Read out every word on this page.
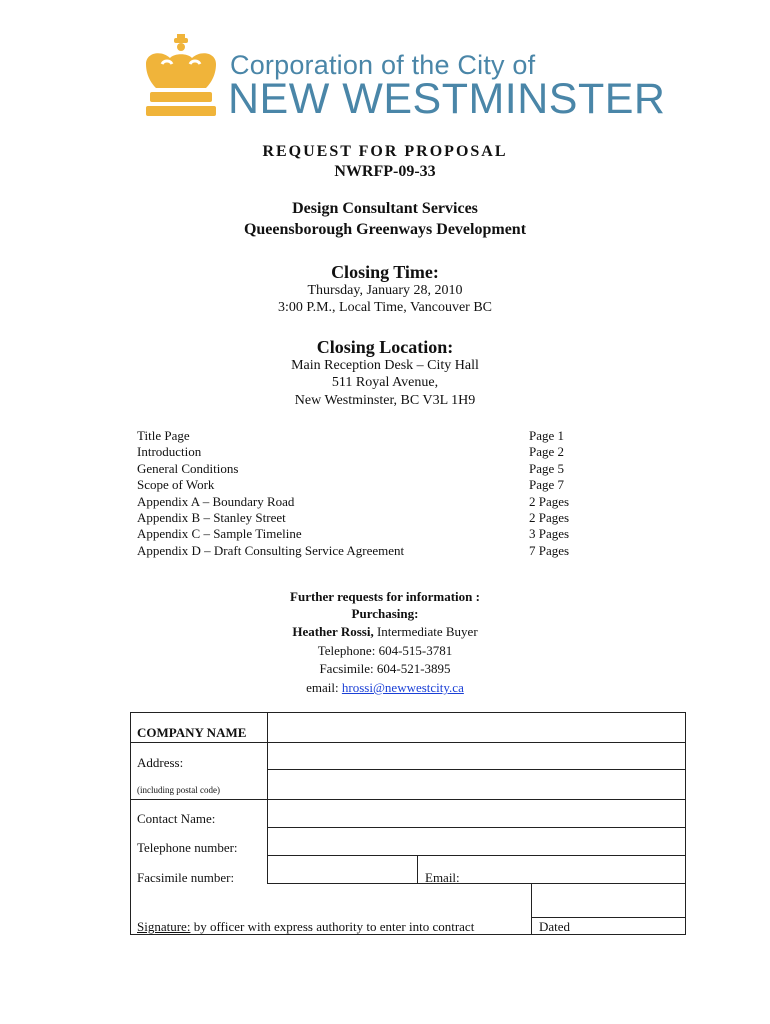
Corporation of the City of
NEW WESTMINSTER
REQUEST FOR PROPOSAL
NWRFP-09-33
Design Consultant Services
Queensborough Greenways Development
Closing Time:
Thursday, January 28, 2010
3:00 P.M., Local Time, Vancouver BC
Closing Location:
Main Reception Desk – City Hall
511 Royal Avenue,
New Westminster, BC V3L 1H9
Title Page	Page 1
Introduction	Page 2
General Conditions	Page 5
Scope of Work	Page 7
Appendix A – Boundary Road	2 Pages
Appendix B – Stanley Street	2 Pages
Appendix C – Sample Timeline	3 Pages
Appendix D – Draft Consulting Service Agreement	7 Pages
Further requests for information :
Purchasing:
Heather Rossi, Intermediate Buyer
Telephone: 604-515-3781
Facsimile: 604-521-3895
email: hrossi@newwestcity.ca
COMPANY NAME
Address:
(including postal code)
Contact Name:
Telephone number:
Facsimile number:	Email:
Signature: by officer with express authority to enter into contract	Dated
